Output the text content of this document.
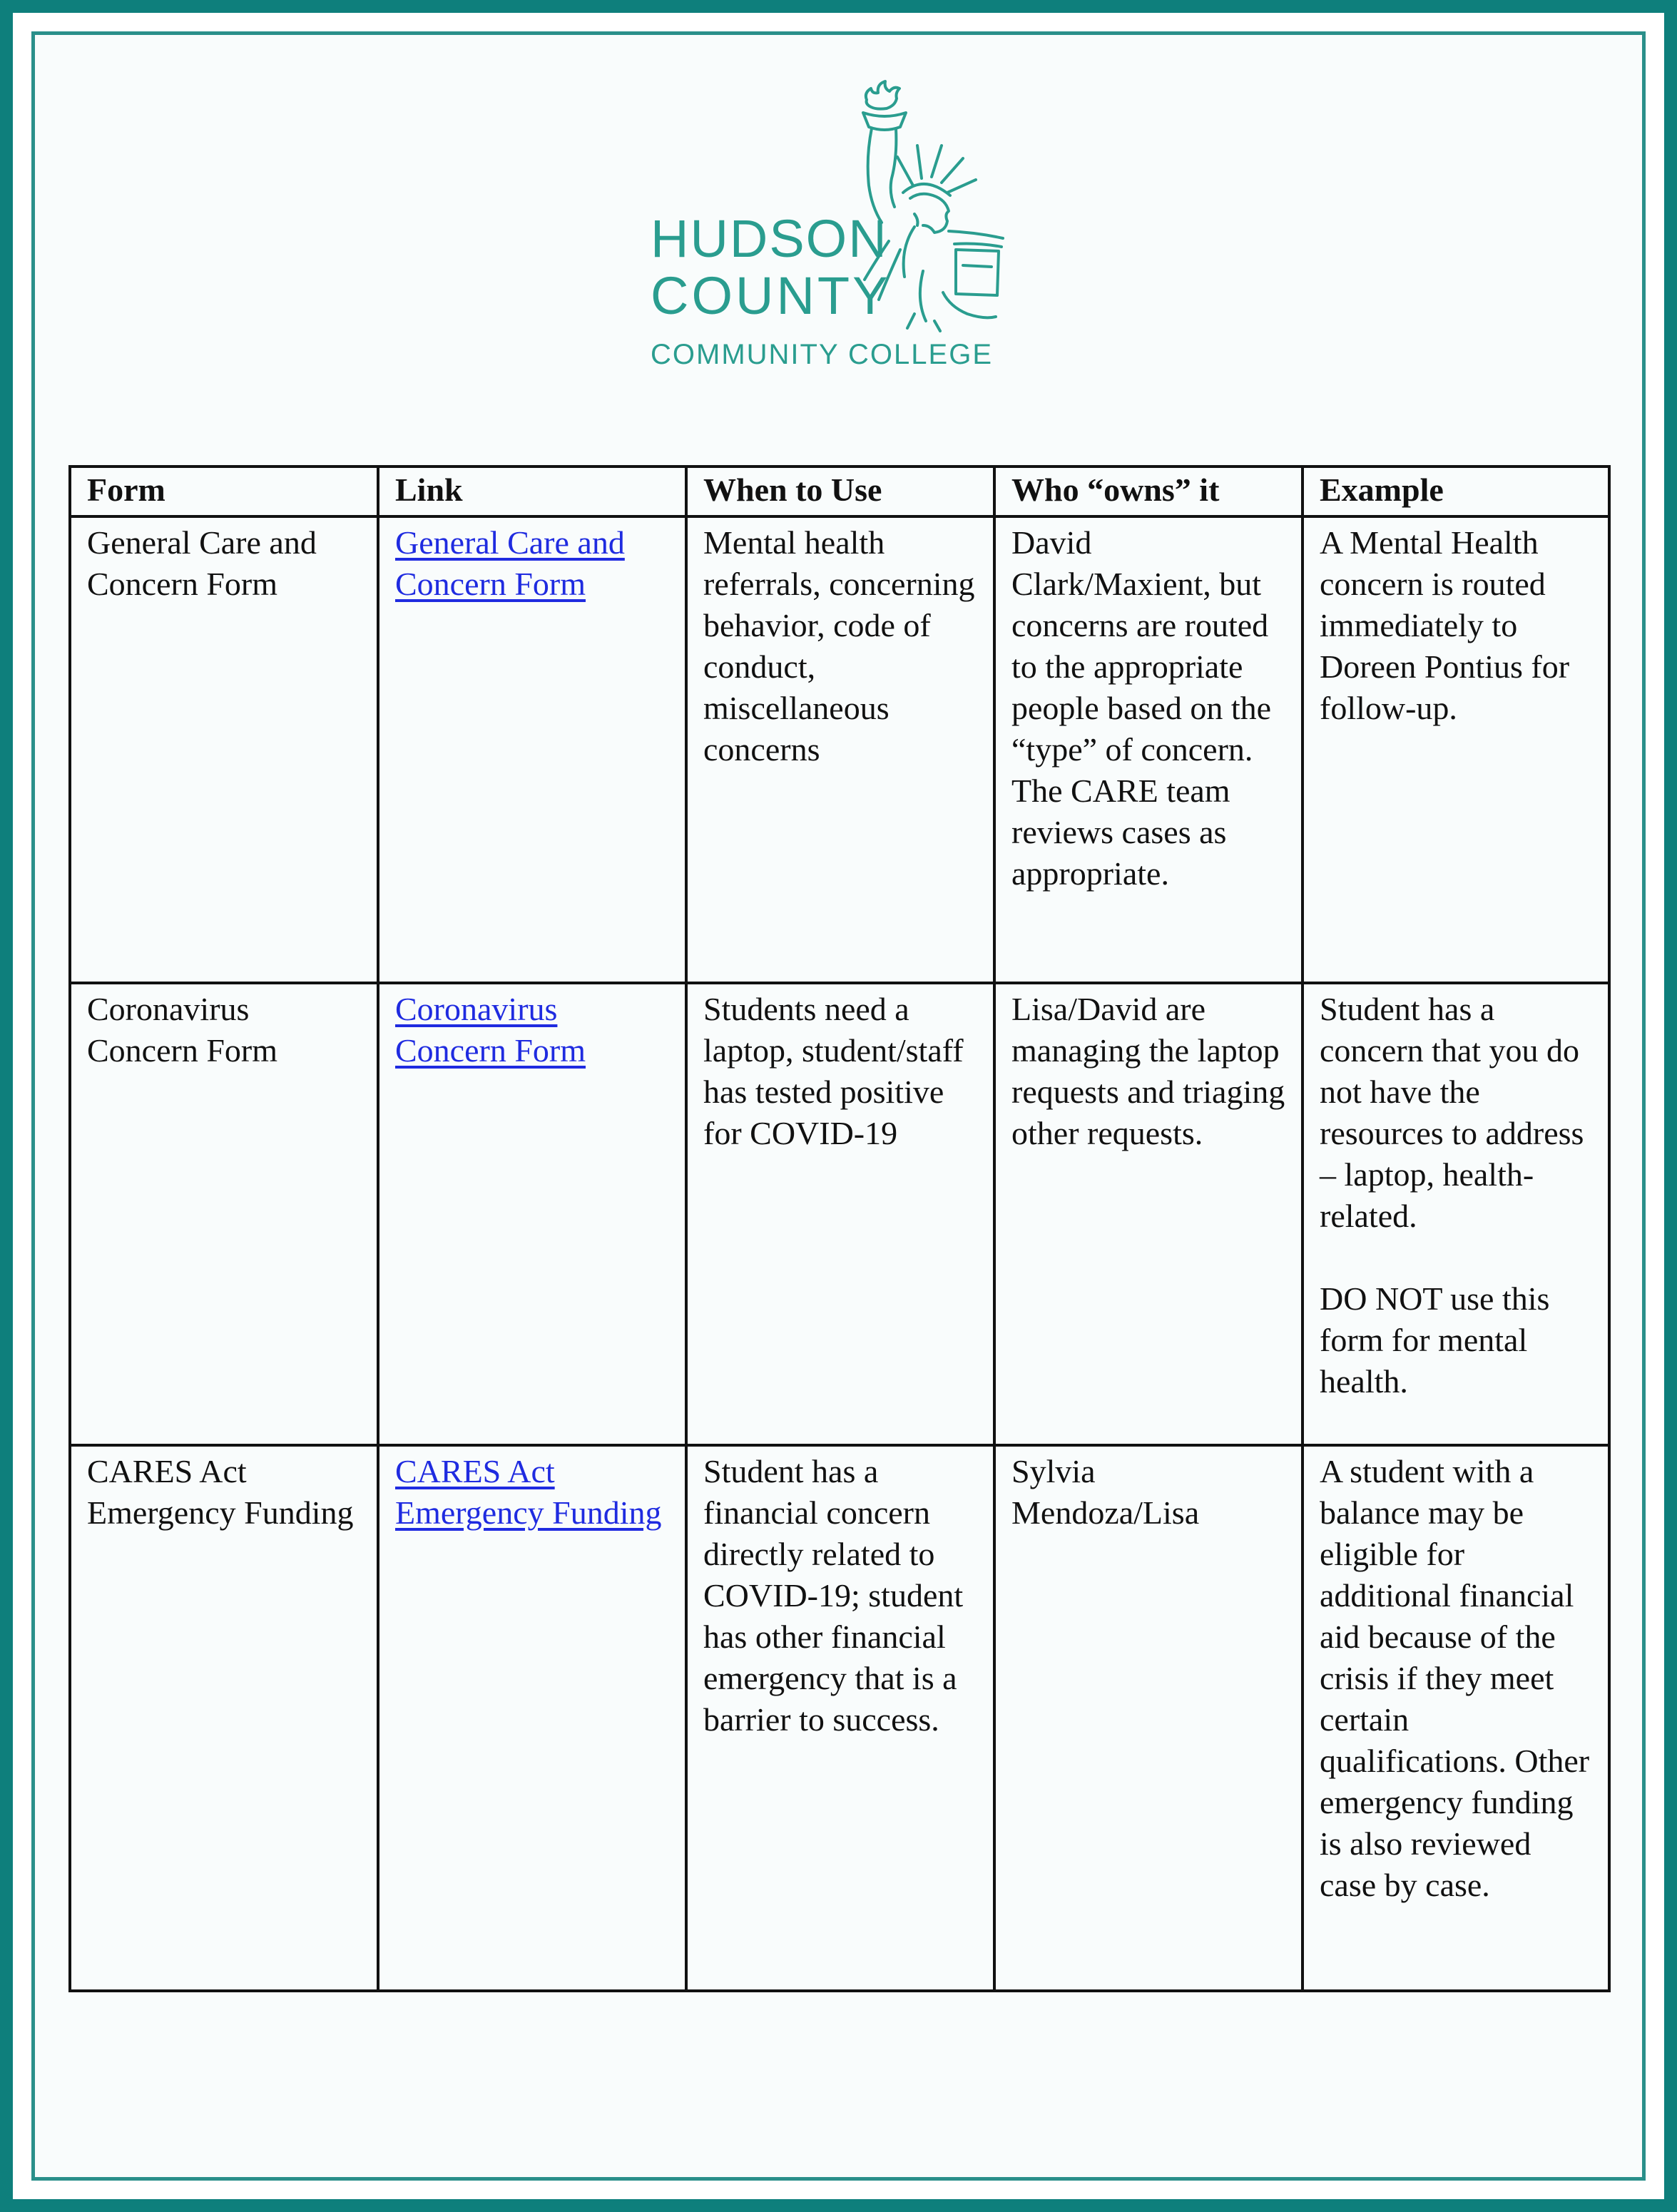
HUDSON
COUNTY
COMMUNITY COLLEGE
Form	Link	When to Use	Who “owns” it	Example
General Care and Concern Form	General Care and Concern Form	Mental health referrals, concerning behavior, code of conduct, miscellaneous concerns	David Clark/Maxient, but concerns are routed to the appropriate people based on the “type” of concern. The CARE team reviews cases as appropriate.	A Mental Health concern is routed immediately to Doreen Pontius for follow-up.
Coronavirus Concern Form	Coronavirus Concern Form	Students need a laptop, student/staff has tested positive for COVID-19	Lisa/David are managing the laptop requests and triaging other requests.	Student has a concern that you do not have the resources to address – laptop, health-related.
DO NOT use this form for mental health.

CARES Act Emergency Funding	CARES Act Emergency Funding	Student has a financial concern directly related to COVID-19; student has other financial emergency that is a barrier to success.	Sylvia Mendoza/Lisa	A student with a balance may be eligible for additional financial aid because of the crisis if they meet certain qualifications. Other emergency funding is also reviewed case by case.
